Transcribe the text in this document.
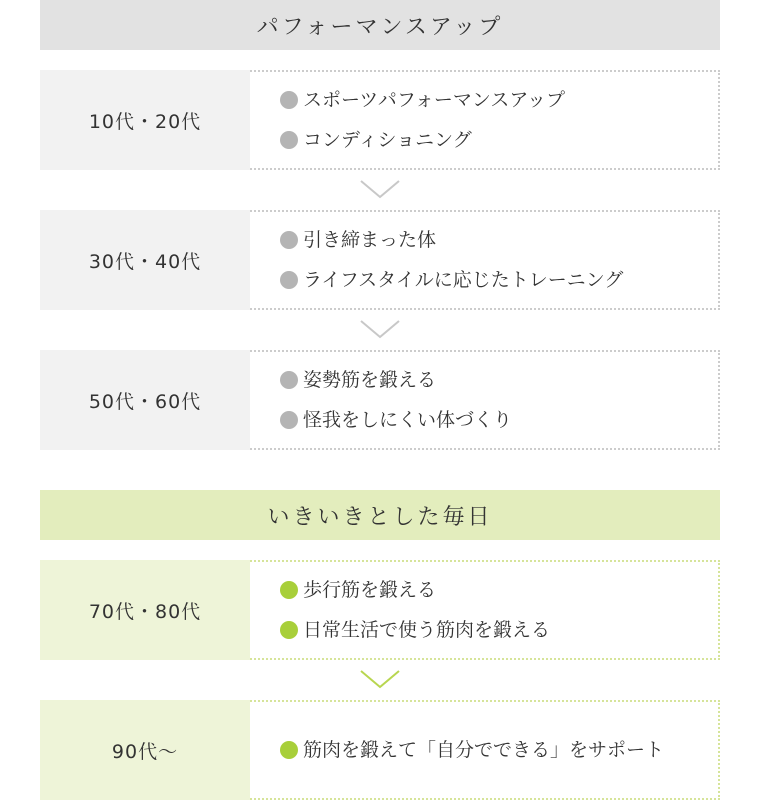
パフォーマンスアップ
10代・20代
スポーツパフォーマンスアップ
コンディショニング
30代・40代
引き締まった体
ライフスタイルに応じたトレーニング
50代・60代
姿勢筋を鍛える
怪我をしにくい体づくり
いきいきとした毎日
70代・80代
歩行筋を鍛える
日常生活で使う筋肉を鍛える
90代〜	筋肉を鍛えて「自分でできる」をサポート
